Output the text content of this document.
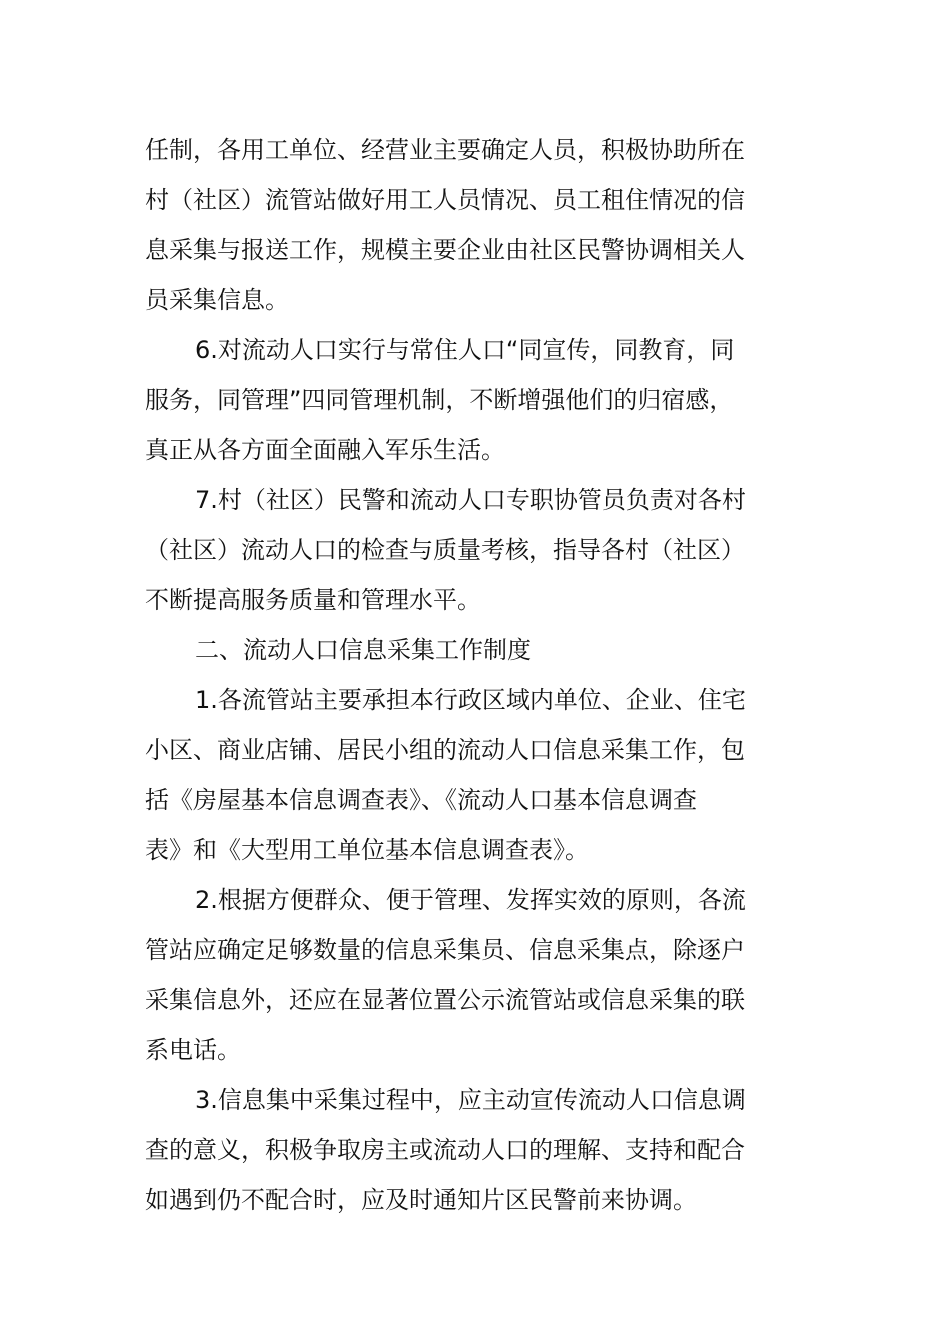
任制，各用工单位、经营业主要确定人员，积极协助所在
村（社区）流管站做好用工人员情况、员工租住情况的信
息采集与报送工作，规模主要企业由社区民警协调相关人
员采集信息。
6.对流动人口实行与常住人口“同宣传，同教育，同
服务，同管理”四同管理机制，不断增强他们的归宿感，
真正从各方面全面融入军乐生活。
7.村（社区）民警和流动人口专职协管员负责对各村
（社区）流动人口的检查与质量考核，指导各村（社区）
不断提高服务质量和管理水平。
二、流动人口信息采集工作制度
1.各流管站主要承担本行政区域内单位、企业、住宅
小区、商业店铺、居民小组的流动人口信息采集工作，包
括《房屋基本信息调查表》、《流动人口基本信息调查
表》和《大型用工单位基本信息调查表》。
2.根据方便群众、便于管理、发挥实效的原则，各流
管站应确定足够数量的信息采集员、信息采集点，除逐户
采集信息外，还应在显著位置公示流管站或信息采集的联
系电话。
3.信息集中采集过程中，应主动宣传流动人口信息调
查的意义，积极争取房主或流动人口的理解、支持和配合
如遇到仍不配合时，应及时通知片区民警前来协调。
